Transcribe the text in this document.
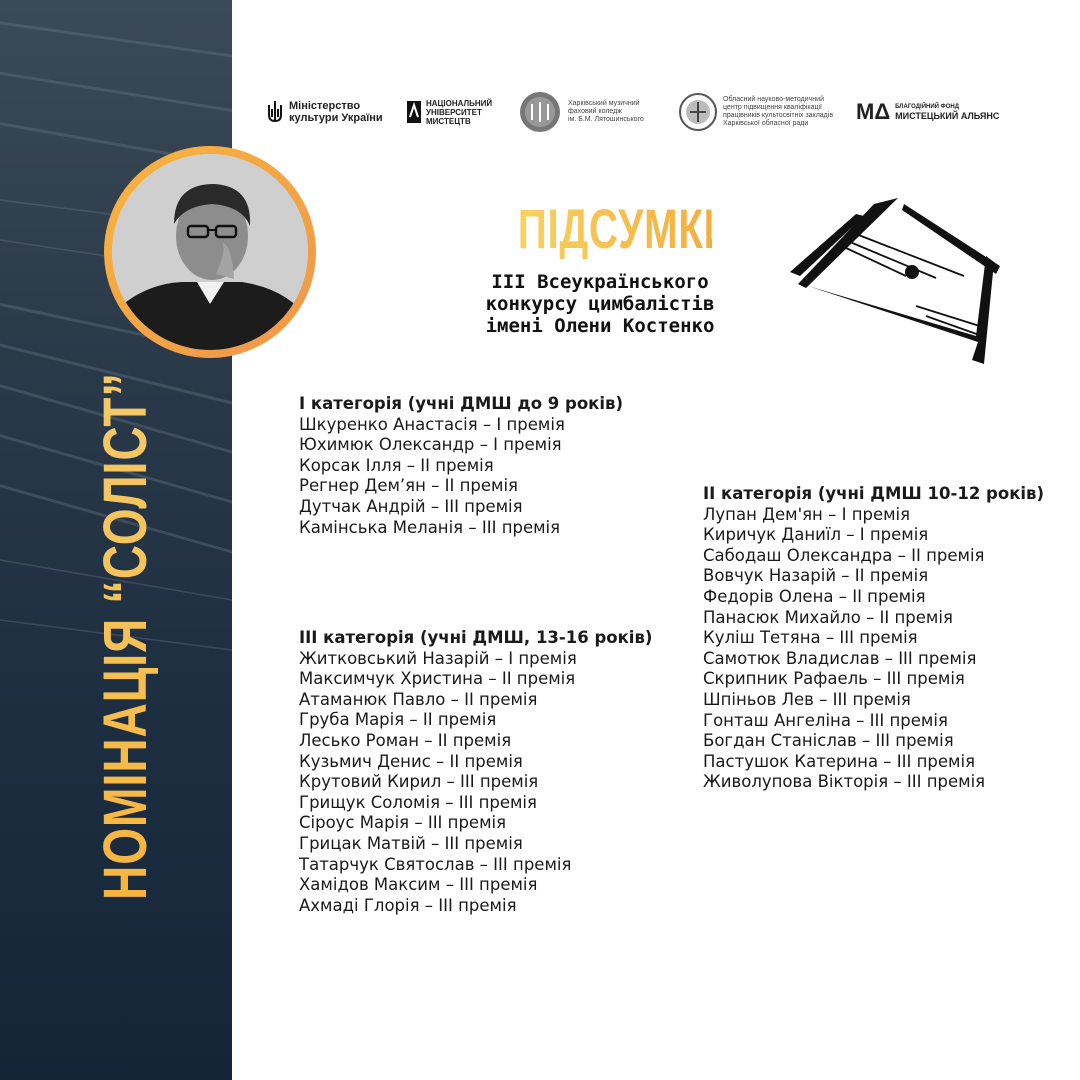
НОМІНАЦІЯ “СОЛІСТ”
Міністерство
культури України
НАЦІОНАЛЬНИЙ
УНІВЕРСИТЕТ
МИСТЕЦТВ
Харківський музичний
фаховий коледж
ім. Б.М. Лятошинського
Обласний науково-методичний
центр підвищення кваліфікації
працівників культосвітніх закладів
Харківської обласної ради	MΔ БЛАГОДІЙНИЙ ФОНД
МИСТЕЦЬКИЙ АЛЬЯНС
ПІДСУМКИ
III Всеукраїнського
конкурсу цимбалістів
імені Олени Костенко
І категорія (учні ДМШ до 9 років)
Шкуренко Анастасія – І премія
Юхимюк Олександр – І премія
Корсак Ілля – ІІ премія
Регнер Дем’ян – ІІ премія
Дутчак Андрій – ІІІ премія
Камінська Меланія – ІІІ премія
ІІ категорія (учні ДМШ 10-12 років)
Лупан Дем'ян – І премія
Киричук Даниїл – І премія
Сабодаш Олександра – ІІ премія
Вовчук Назарій – ІІ премія
Федорів Олена – ІІ премія
Панасюк Михайло – ІІ премія
Куліш Тетяна – ІІІ премія
Самотюк Владислав – ІІІ премія
Скрипник Рафаель – ІІІ премія
Шпіньов Лев – ІІІ премія
Гонташ Ангеліна – ІІІ премія
Богдан Станіслав – ІІІ премія
Пастушок Катерина – ІІІ премія
Живолупова Вікторія – ІІІ премія
ІІІ категорія (учні ДМШ, 13-16 років)
Житковський Назарій – І премія
Максимчук Христина – ІІ премія
Атаманюк Павло – ІІ премія
Груба Марія – ІІ премія
Лесько Роман – ІІ премія
Кузьмич Денис – ІІ премія
Крутовий Кирил – ІІІ премія
Грищук Соломія – ІІІ премія
Сіроус Марія – ІІІ премія
Грицак Матвій – ІІІ премія
Татарчук Святослав – ІІІ премія
Хамідов Максим – ІІІ премія
Ахмаді Глорія – ІІІ премія
